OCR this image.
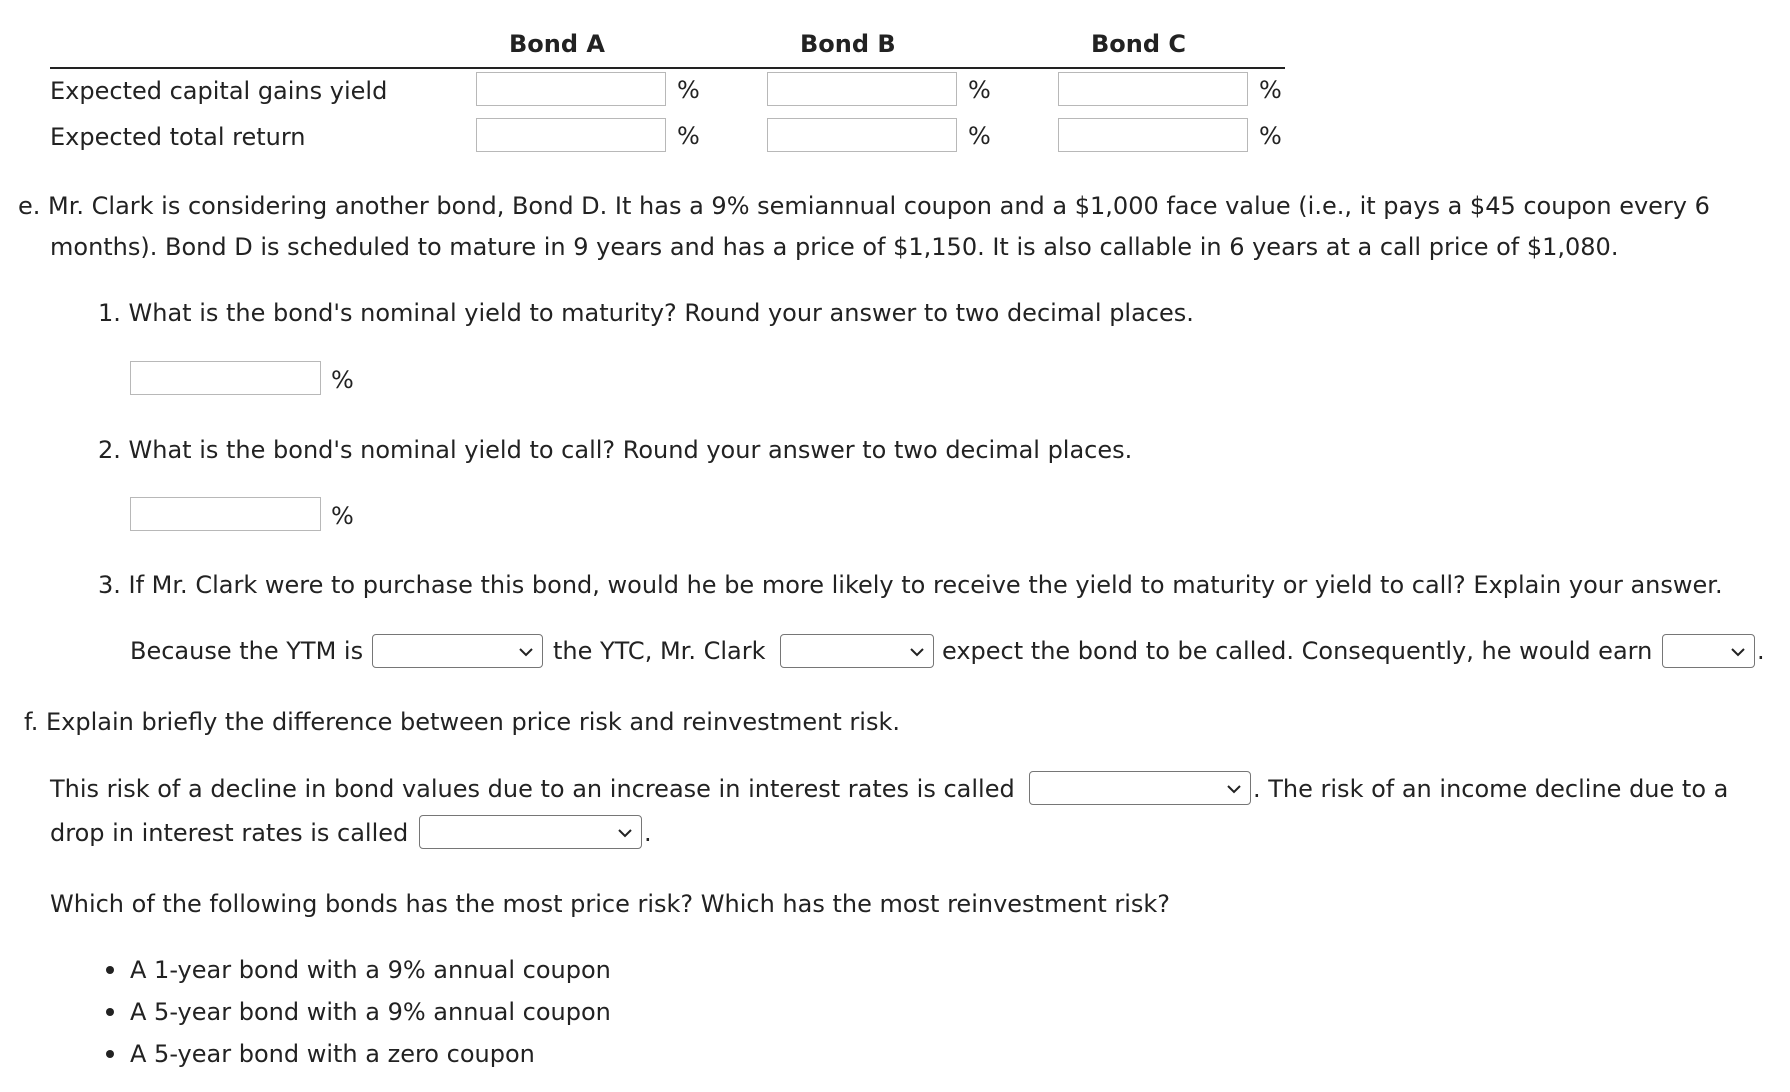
Bond A	Bond B	Bond C
Expected capital gains yield	%	%	%
Expected total return	%	%	%
e. Mr. Clark is considering another bond, Bond D. It has a 9% semiannual coupon and a $1,000 face value (i.e., it pays a $45 coupon every 6
months). Bond D is scheduled to mature in 9 years and has a price of $1,150. It is also callable in 6 years at a call price of $1,080.
1. What is the bond's nominal yield to maturity? Round your answer to two decimal places.
%
2. What is the bond's nominal yield to call? Round your answer to two decimal places.
%
3. If Mr. Clark were to purchase this bond, would he be more likely to receive the yield to maturity or yield to call? Explain your answer.
Because the YTM is	the YTC, Mr. Clark	expect the bond to be called. Consequently, he would earn	.
f. Explain briefly the difference between price risk and reinvestment risk.
This risk of a decline in bond values due to an increase in interest rates is called	. The risk of an income decline due to a
drop in interest rates is called	.
Which of the following bonds has the most price risk? Which has the most reinvestment risk?
A 1-year bond with a 9% annual coupon
A 5-year bond with a 9% annual coupon
A 5-year bond with a zero coupon
